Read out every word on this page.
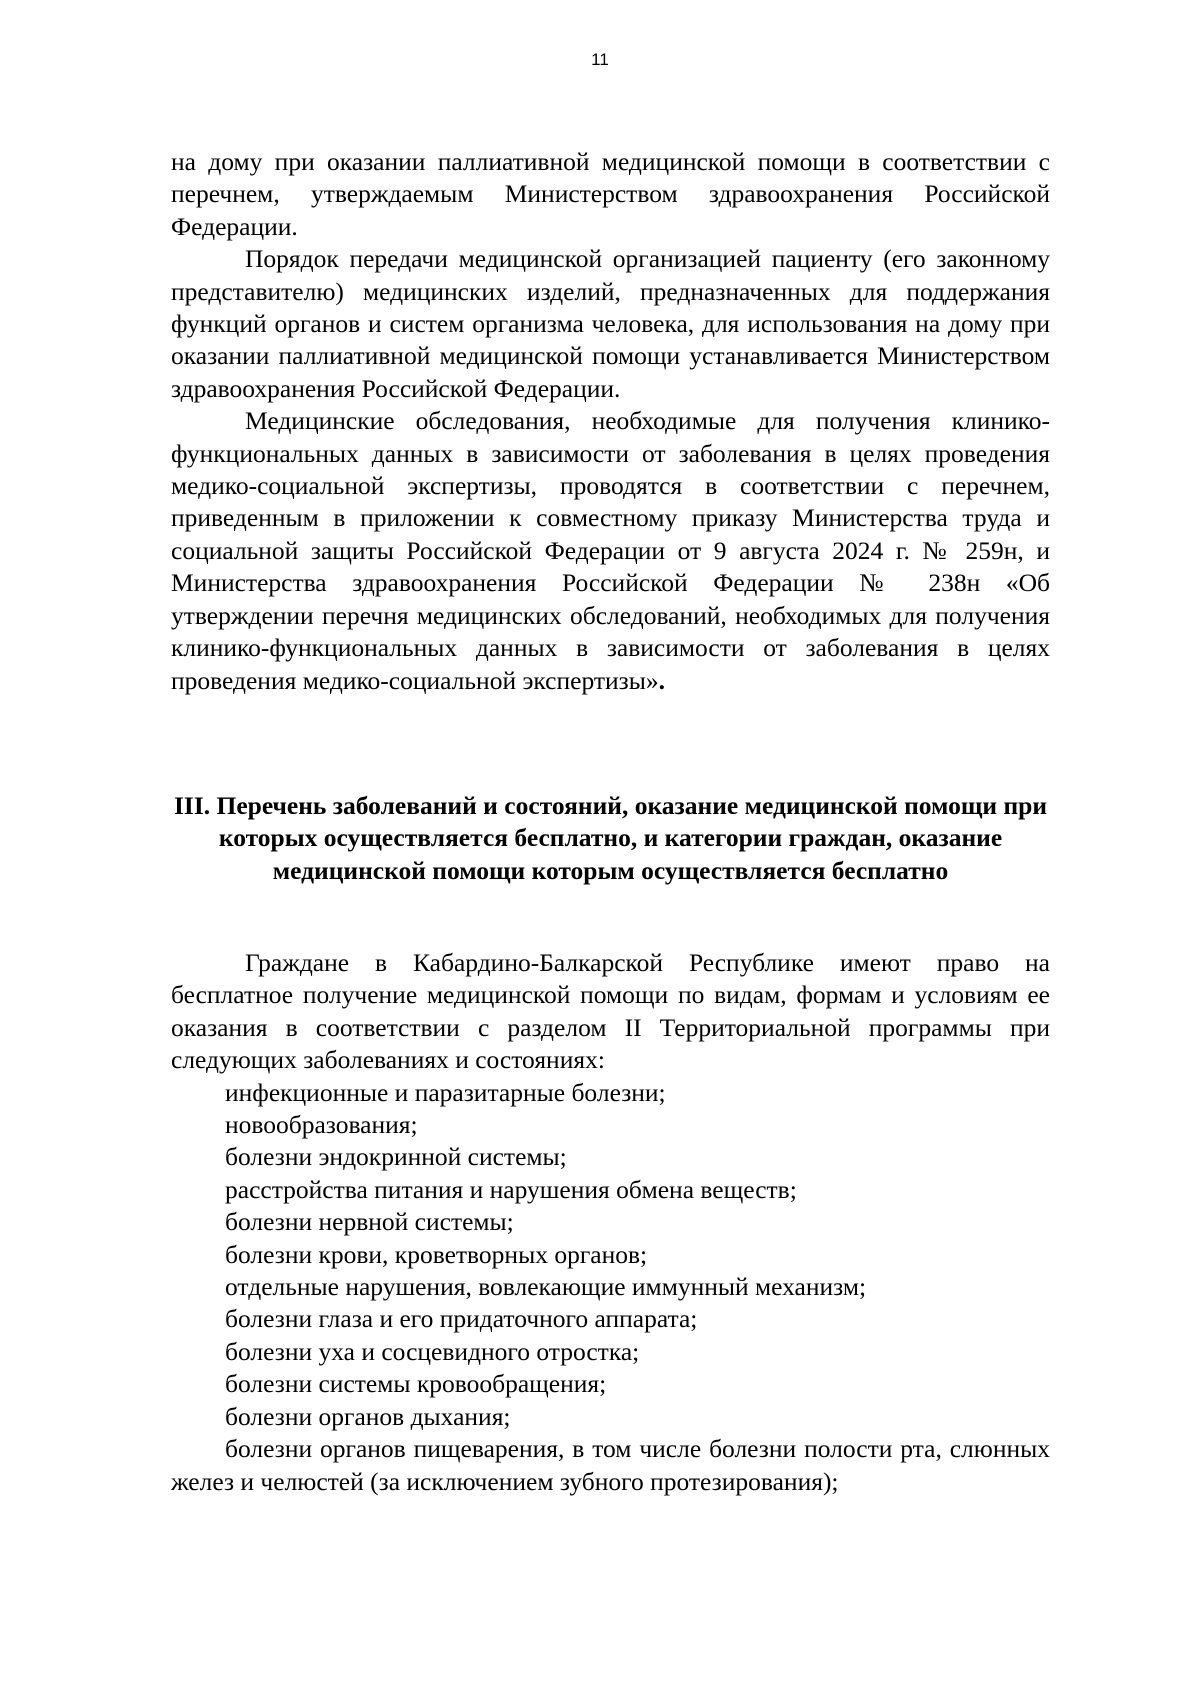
11

на дому при оказании паллиативной медицинской помощи в соответствии с перечнем, утверждаемым Министерством здравоохранения Российской Федерации.

Порядок передачи медицинской организацией пациенту (его законному представителю) медицинских изделий, предназначенных для поддержания функций органов и систем организма человека, для использования на дому при оказании паллиативной медицинской помощи устанавливается Министерством здравоохранения Российской Федерации.

Медицинские обследования, необходимые для получения клинико-функциональных данных в зависимости от заболевания в целях проведения медико-социальной экспертизы, проводятся в соответствии с перечнем, приведенным в приложении к совместному приказу Министерства труда и социальной защиты Российской Федерации от 9 августа 2024 г. № 259н, и Министерства здравоохранения Российской Федерации № 238н «Об утверждении перечня медицинских обследований, необходимых для получения клинико-функциональных данных в зависимости от заболевания в целях проведения медико-социальной экспертизы».

III. Перечень заболеваний и состояний, оказание медицинской помощи при которых осуществляется бесплатно, и категории граждан, оказание медицинской помощи которым осуществляется бесплатно

Граждане в Кабардино-Балкарской Республике имеют право на бесплатное получение медицинской помощи по видам, формам и условиям ее оказания в соответствии с разделом II Территориальной программы при следующих заболеваниях и состояниях:

инфекционные и паразитарные болезни;

новообразования;

болезни эндокринной системы;

расстройства питания и нарушения обмена веществ;

болезни нервной системы;

болезни крови, кроветворных органов;

отдельные нарушения, вовлекающие иммунный механизм;

болезни глаза и его придаточного аппарата;

болезни уха и сосцевидного отростка;

болезни системы кровообращения;

болезни органов дыхания;

болезни органов пищеварения, в том числе болезни полости рта, слюнных желез и челюстей (за исключением зубного протезирования);
